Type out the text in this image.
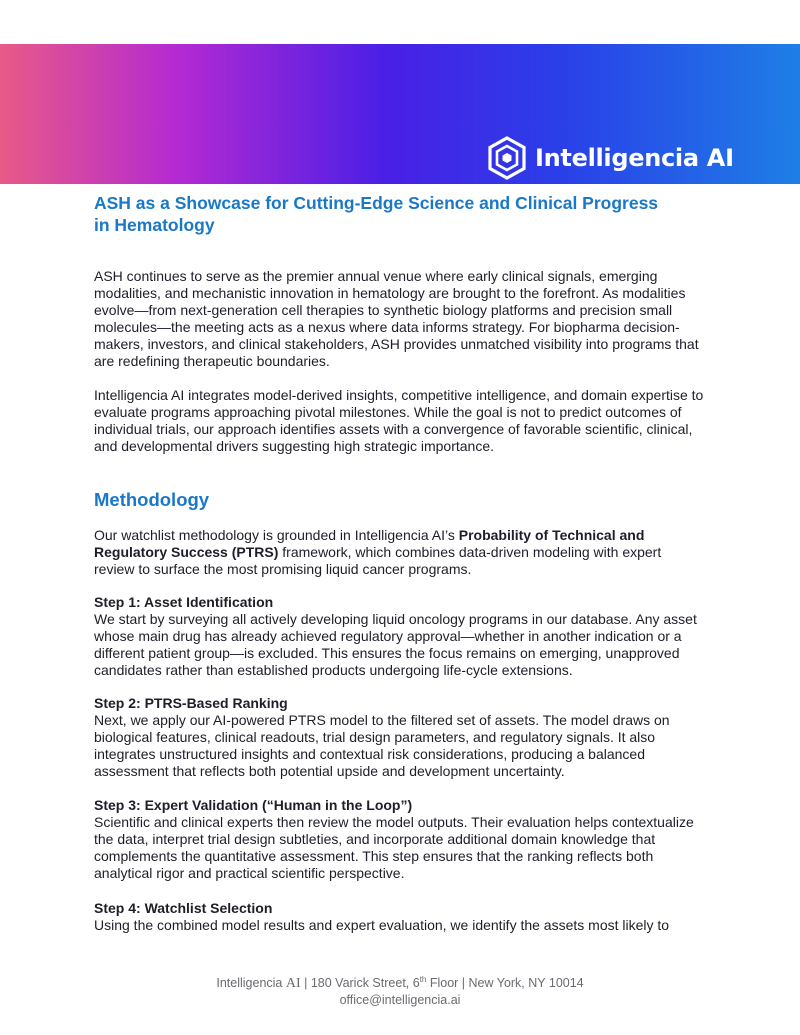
Intelligencia AI
ASH as a Showcase for Cutting-Edge Science and Clinical Progress in Hematology

ASH continues to serve as the premier annual venue where early clinical signals, emerging modalities, and mechanistic innovation in hematology are brought to the forefront. As modalities evolve—from next-generation cell therapies to synthetic biology platforms and precision small molecules—the meeting acts as a nexus where data informs strategy. For biopharma decision-makers, investors, and clinical stakeholders, ASH provides unmatched visibility into programs that are redefining therapeutic boundaries.

Intelligencia AI integrates model-derived insights, competitive intelligence, and domain expertise to evaluate programs approaching pivotal milestones. While the goal is not to predict outcomes of individual trials, our approach identifies assets with a convergence of favorable scientific, clinical, and developmental drivers suggesting high strategic importance.

Methodology

Our watchlist methodology is grounded in Intelligencia AI’s Probability of Technical and Regulatory Success (PTRS) framework, which combines data-driven modeling with expert review to surface the most promising liquid cancer programs.

Step 1: Asset Identification
We start by surveying all actively developing liquid oncology programs in our database. Any asset whose main drug has already achieved regulatory approval—whether in another indication or a different patient group—is excluded. This ensures the focus remains on emerging, unapproved candidates rather than established products undergoing life-cycle extensions.

Step 2: PTRS-Based Ranking
Next, we apply our AI-powered PTRS model to the filtered set of assets. The model draws on biological features, clinical readouts, trial design parameters, and regulatory signals. It also integrates unstructured insights and contextual risk considerations, producing a balanced assessment that reflects both potential upside and development uncertainty.

Step 3: Expert Validation (“Human in the Loop”)
Scientific and clinical experts then review the model outputs. Their evaluation helps contextualize the data, interpret trial design subtleties, and incorporate additional domain knowledge that complements the quantitative assessment. This step ensures that the ranking reflects both analytical rigor and practical scientific perspective.

Step 4: Watchlist Selection
Using the combined model results and expert evaluation, we identify the assets most likely to

Intelligencia AI | 180 Varick Street, 6th Floor | New York, NY 10014
office@intelligencia.ai
